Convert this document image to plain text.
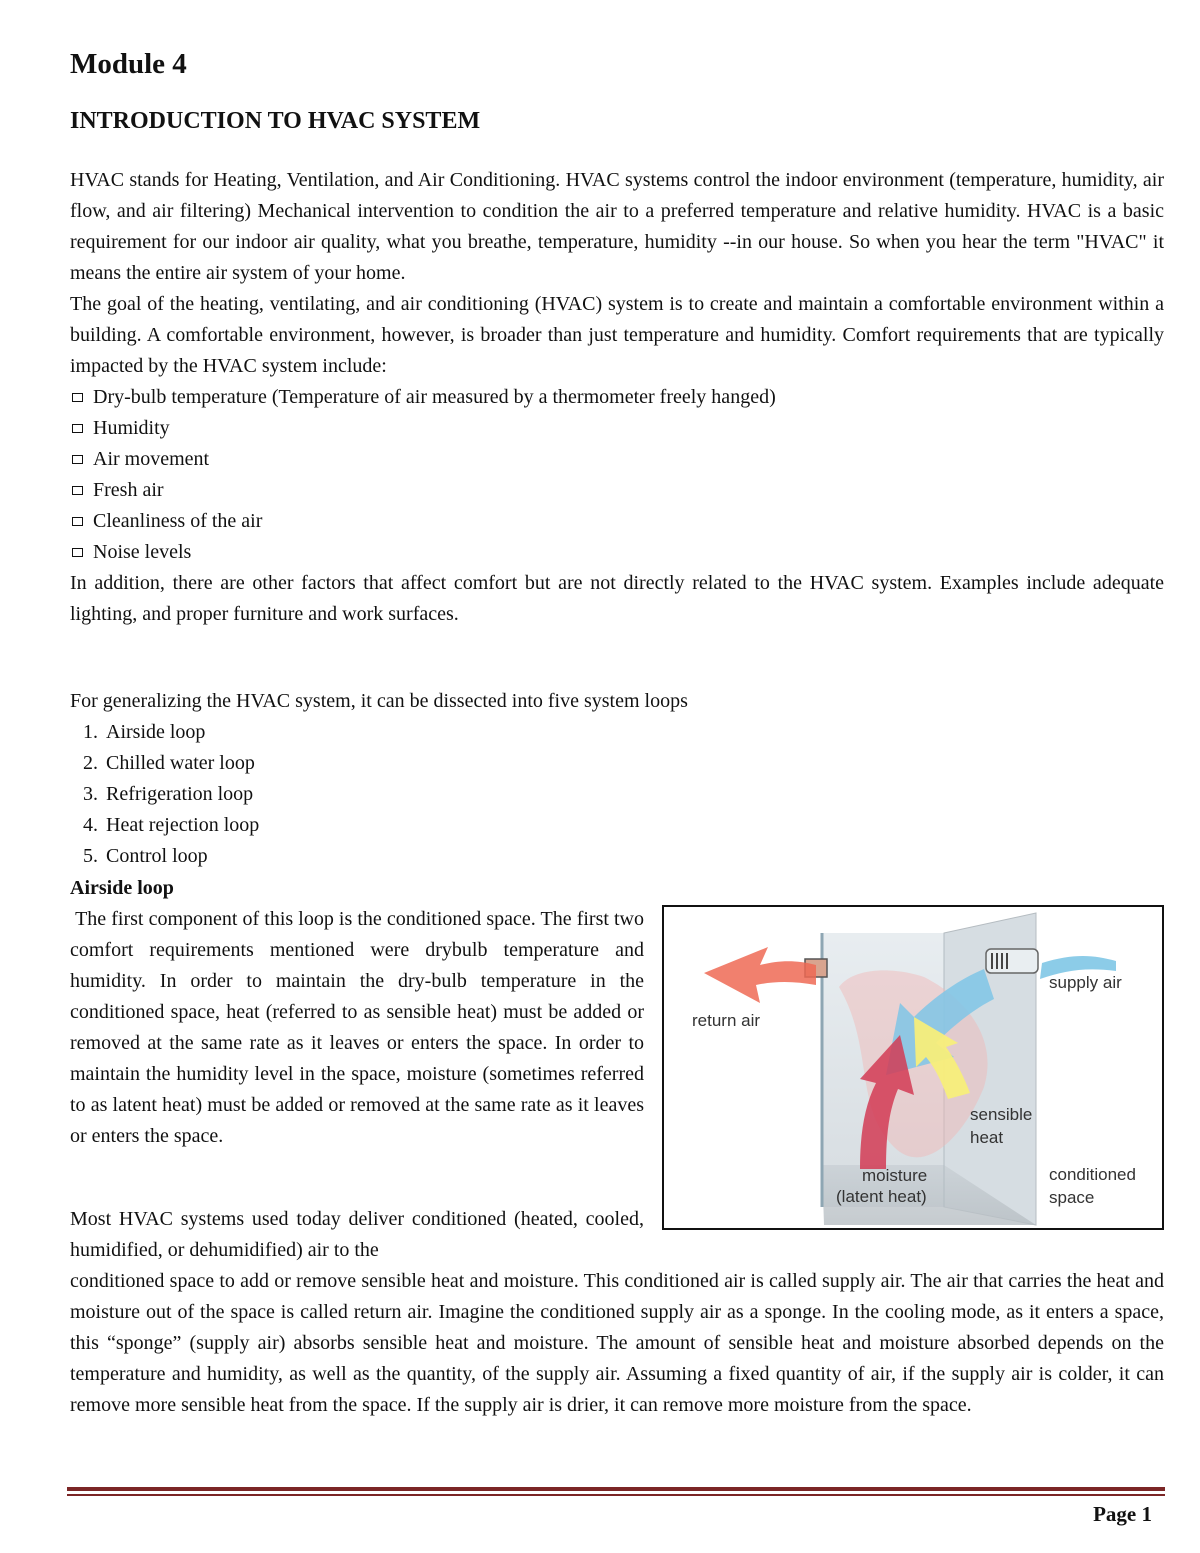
Module 4
INTRODUCTION TO HVAC SYSTEM

HVAC stands for Heating, Ventilation, and Air Conditioning. HVAC systems control the indoor environment (temperature, humidity, air flow, and air filtering) Mechanical intervention to condition the air to a preferred temperature and relative humidity. HVAC is a basic requirement for our indoor air quality, what you breathe, temperature, humidity --in our house. So when you hear the term "HVAC" it means the entire air system of your home.

The goal of the heating, ventilating, and air conditioning (HVAC) system is to create and maintain a comfortable environment within a building. A comfortable environment, however, is broader than just temperature and humidity. Comfort requirements that are typically impacted by the HVAC system include:

Dry-bulb temperature (Temperature of air measured by a thermometer freely hanged)
Humidity
Air movement
Fresh air
Cleanliness of the air
Noise levels

In addition, there are other factors that affect comfort but are not directly related to the HVAC system. Examples include adequate lighting, and proper furniture and work surfaces.

For generalizing the HVAC system, it can be dissected into five system loops

1. Airside loop
2. Chilled water loop
3. Refrigeration loop
4. Heat rejection loop
5. Control loop
Airside loop
The first component of this loop is the conditioned space. The first two comfort requirements mentioned were drybulb temperature and humidity. In order to maintain the dry-bulb temperature in the conditioned space, heat (referred to as sensible heat) must be added or removed at the same rate as it leaves or enters the space. In order to maintain the humidity level in the space, moisture (sometimes referred to as latent heat) must be added or removed at the same rate as it leaves or enters the space.
Most HVAC systems used today deliver conditioned (heated, cooled, humidified, or dehumidified) air to the
conditioned space to add or remove sensible heat and moisture. This conditioned air is called supply air. The air that carries the heat and moisture out of the space is called return air. Imagine the conditioned supply air as a sponge. In the cooling mode, as it enters a space, this “sponge” (supply air) absorbs sensible heat and moisture. The amount of sensible heat and moisture absorbed depends on the temperature and humidity, as well as the quantity, of the supply air. Assuming a fixed quantity of air, if the supply air is colder, it can remove more sensible heat from the space. If the supply air is drier, it can remove more moisture from the space.
return air
supply air
sensible
heat
moisture
(latent heat)
conditioned
space
Page 1
